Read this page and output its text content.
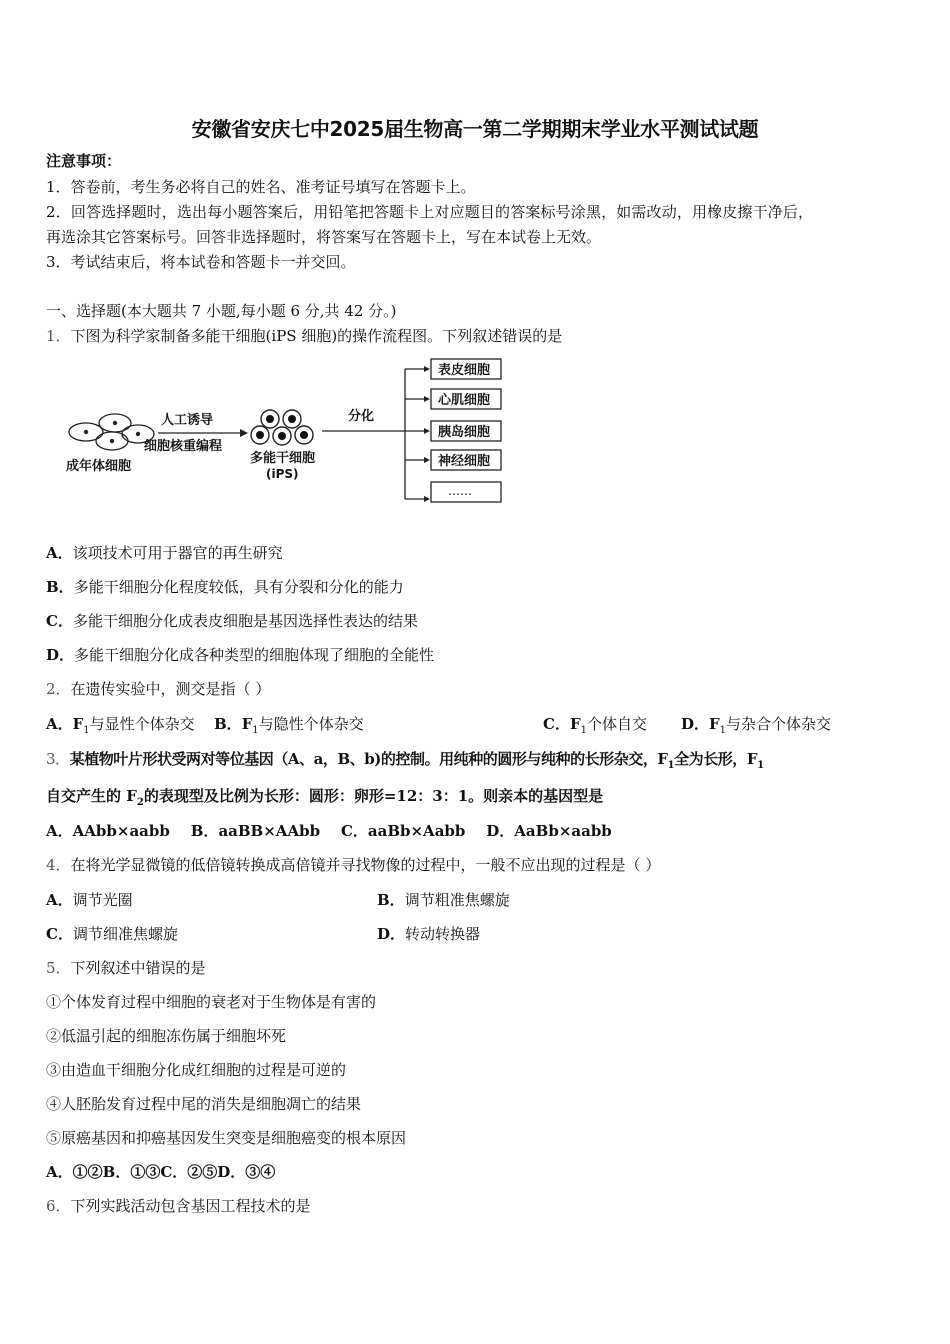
安徽省安庆七中2025届生物高一第二学期期末学业水平测试试题
注意事项：
1．答卷前，考生务必将自己的姓名、准考证号填写在答题卡上。
2．回答选择题时，选出每小题答案后，用铅笔把答题卡上对应题目的答案标号涂黑，如需改动，用橡皮擦干净后，
再选涂其它答案标号。回答非选择题时，将答案写在答题卡上，写在本试卷上无效。
3．考试结束后，将本试卷和答题卡一并交回。
一、选择题(本大题共 7 小题,每小题 6 分,共 42 分。)
1．下图为科学家制备多能干细胞(iPS 细胞)的操作流程图。下列叙述错误的是
成年体细胞
人工诱导
细胞核重编程
多能干细胞
(iPS)
分化
表皮细胞
心肌细胞
胰岛细胞
神经细胞
……
A．该项技术可用于器官的再生研究
B．多能干细胞分化程度较低，具有分裂和分化的能力
C．多能干细胞分化成表皮细胞是基因选择性表达的结果
D．多能干细胞分化成各种类型的细胞体现了细胞的全能性
2．在遗传实验中，测交是指（ ）
A．$F_1$与显性个体杂交 B．$F_1$与隐性个体杂交	C．$F_1$个体自交 D．$F_1$与杂合个体杂交
3．某植物叶片形状受两对等位基因（A、a，B、b)的控制。用纯种的圆形与纯种的长形杂交，$F_1$全为长形，$F_1$
自交产生的 $F_2$的表现型及比例为长形：圆形：卵形=12：3：1。则亲本的基因型是
A．AAbb×aabb    B．aaBB×AAbb    C．aaBb×Aabb    D．AaBb×aabb
4．在将光学显微镜的低倍镜转换成高倍镜并寻找物像的过程中，一般不应出现的过程是（ ）
A．调节光圈	B．调节粗准焦螺旋
C．调节细准焦螺旋	D．转动转换器
5．下列叙述中错误的是
①个体发育过程中细胞的衰老对于生物体是有害的
②低温引起的细胞冻伤属于细胞坏死
③由造血干细胞分化成红细胞的过程是可逆的
④人胚胎发育过程中尾的消失是细胞凋亡的结果
⑤原癌基因和抑癌基因发生突变是细胞癌变的根本原因
A．①②B．①③C．②⑤D．③④
6．下列实践活动包含基因工程技术的是
